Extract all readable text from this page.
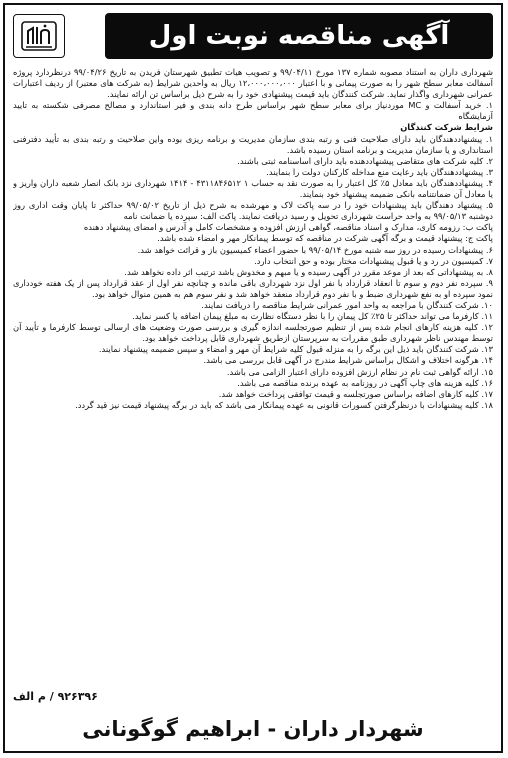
آگهی مناقصه نوبت اول

شهرداری داران به استناد مصوبه شماره ۱۳۷ مورخ ۹۹/۰۴/۱۱ و تصویب هیات تطبیق شهرستان فریدن به تاریخ ۹۹/۰۴/۲۶ درنظردارد پروژه آسفالت معابر سطح شهر را به صورت پیمانی و با اعتبار ۱۲،۰۰۰،۰۰۰،۰۰۰ ریال به واحدین شرایط (به شرکت های معتبر) از ردیف اعتبارات عمرانی شهرداری واگذار نماید. شرکت کنندگان باید قیمت پیشنهادی خود را به شرح ذیل براساس تن ارائه نمایند.

۱. خرید آسفالت و MC موردنیاز برای معابر سطح شهر براساس طرح دانه بندی و فیر استاندارد و مصالح مصرفی شکسته به تایید آزمایشگاه

شرایط شرکت کنندگان

۱. پیشنهاددهندگان باید دارای صلاحیت فنی و رتبه بندی سازمان مدیریت و برنامه ریزی بوده واین صلاحیت و رتبه بندی به تأیید دفترفنی استانداری و یا سازمان مدیریت و برنامه استان رسیده باشد.

۲. کلیه شرکت های متقاضی پیشنهاددهنده باید دارای اساسنامه ثبتی باشند.

۳. پیشنهاددهندگان باید رعایت منع مداخله کارکنان دولت را بنمایند.

۴. پیشنهاددهندگان باید معادل ۵٪ کل اعتبار را به صورت نقد به حساب ۱ ۴۳۱۱۸۴۶۵۱۲ - ۱۴۱۴ شهرداری نزد بانک انصار شعبه داران واریز و یا معادل آن ضمانتنامه بانکی ضمیمه پیشنهاد خود بنمایند.

۵. پیشنهاد دهندگان باید پیشنهادات خود را در سه پاکت لاک و مهرشده به شرح ذیل از تاریخ ۹۹/۰۵/۰۲ حداکثر تا پایان وقت اداری روز دوشنبه ۹۹/۰۵/۱۳ به واحد حراست شهرداری تحویل و رسید دریافت نمایند. پاکت الف: سپرده یا ضمانت نامه

پاکت ب: رزومه کاری، مدارک و اسناد مناقصه، گواهی ارزش افزوده و مشخصات کامل و آدرس و امضای پیشنهاد دهنده

پاکت ج: پیشنهاد قیمت و برگه آگهی شرکت در مناقصه که توسط پیمانکار مهر و امضاء شده باشد.

۶. پیشنهادات رسیده در روز سه شنبه مورخ ۹۹/۰۵/۱۴ با حضور اعضاء کمیسیون باز و قرائت خواهد شد.

۷. کمیسیون در رد و یا قبول پیشنهادات مختار بوده و حق انتخاب دارد.

۸. به پیشنهاداتی که بعد از موعد مقرر در آگهی رسیده و یا مبهم و مخدوش باشد ترتیب اثر داده نخواهد شد.

۹. سپرده نفر دوم و سوم تا انعقاد قرارداد با نفر اول نزد شهرداری باقی مانده و چنانچه نفر اول از عقد قرارداد پس از یک هفته خودداری نمود سپرده او به نفع شهرداری ضبط و با نفر دوم قرارداد منعقد خواهد شد و نفر سوم هم به همین منوال خواهد بود.

۱۰. شرکت کنندگان با مراجعه به واحد امور عمرانی شرایط مناقصه را دریافت نمایند.

۱۱. کارفرما می تواند حداکثر تا ۲۵٪ کل پیمان را با نظر دستگاه نظارت به مبلغ پیمان اضافه یا کسر نماید.

۱۲. کلیه هزینه کارهای انجام شده پس از تنظیم صورتجلسه اندازه گیری و بررسی صورت وضعیت های ارسالی توسط کارفرما و تأیید آن توسط مهندس ناظر شهرداری طبق مقررات به سرپرستان ازطریق شهرداری قابل پرداخت خواهد بود.

۱۳. شرکت کنندگان باید ذیل این برگه را به منزله قبول کلیه شرایط آن مهر و امضاء و سپس ضمیمه پیشنهاد نمایند.

۱۴. هرگونه اختلاف و اشکال براساس شرایط مندرج در آگهی قابل بررسی می باشد.

۱۵. ارائه گواهی ثبت نام در نظام ارزش افزوده دارای اعتبار الزامی می باشد.

۱۶. کلیه هزینه های چاپ آگهی در روزنامه به عهده برنده مناقصه می باشد.

۱۷. کلیه کارهای اضافه براساس صورتجلسه و قیمت توافقی پرداخت خواهد شد.

۱۸. کلیه پیشنهادات با درنظرگرفتن کسورات قانونی به عهده پیمانکار می باشد که باید در برگه پیشنهاد قیمت نیز قید گردد.

۹۲۶۳۹۶ / م الف
شهردار داران - ابراهیم گوگونانی
